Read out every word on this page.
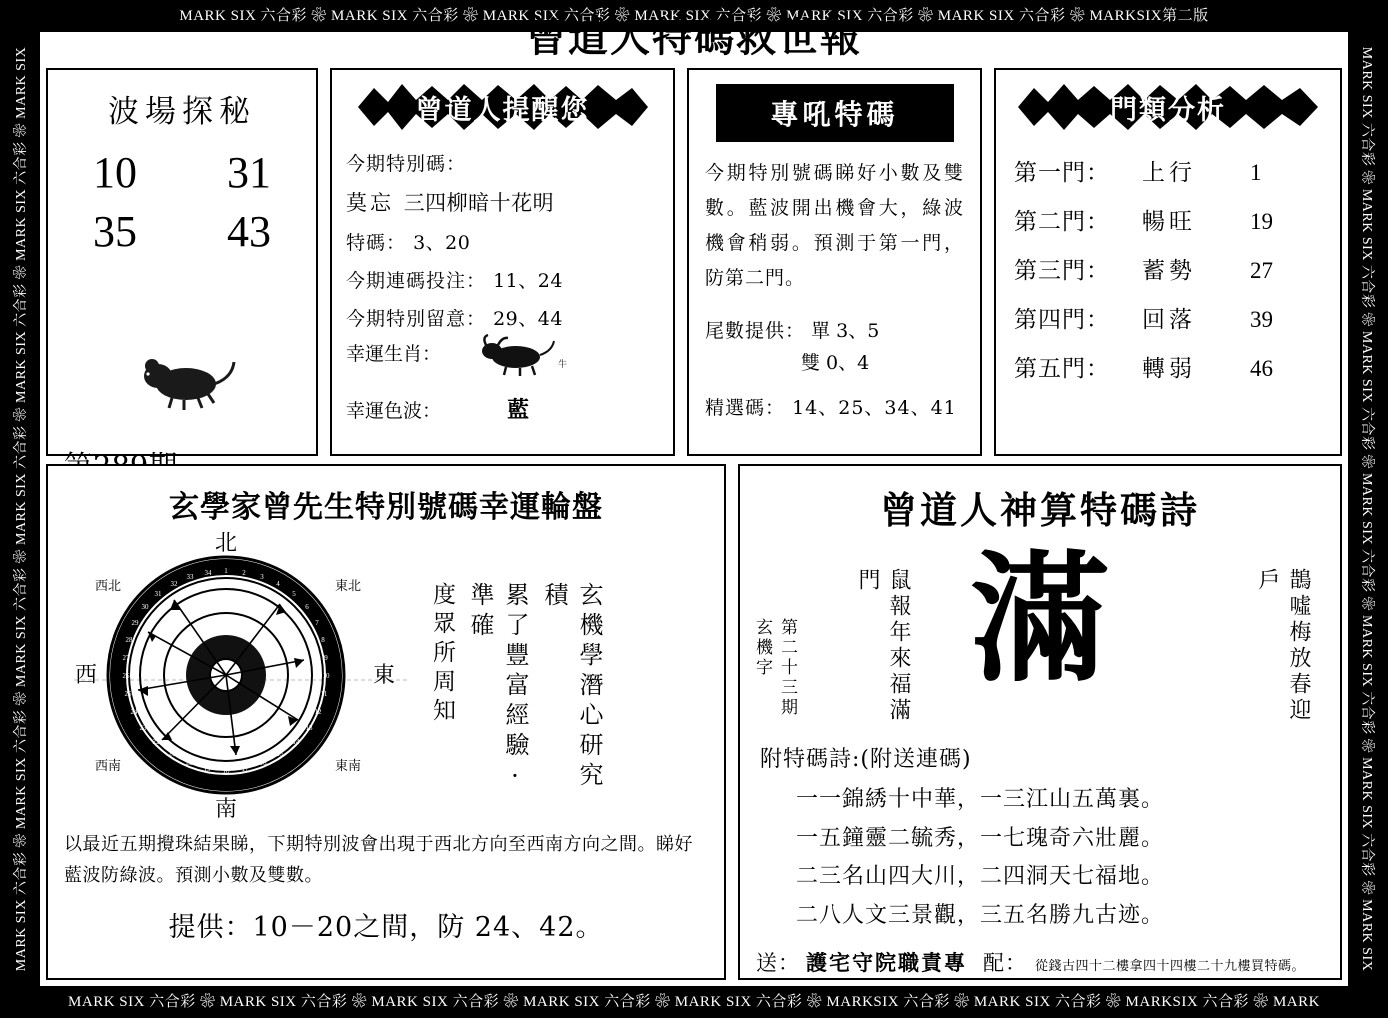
MARK SIX 六合彩 ❀ MARK SIX 六合彩 ❀ MARK SIX 六合彩 ❀ MARK SIX 六合彩 ❀ MARK SIX 六合彩 ❀ MARK SIX 六合彩 ❀ MARKSIX第二版
MARK SIX 六合彩 ❀ MARK SIX 六合彩 ❀ MARK SIX 六合彩 ❀ MARK SIX 六合彩 ❀ MARK SIX 六合彩 ❀ MARKSIX 六合彩 ❀ MARK SIX 六合彩 ❀ MARKSIX 六合彩 ❀ MARK
MARK SIX 六合彩 ❀ MARK SIX 六合彩 ❀ MARK SIX 六合彩 ❀ MARK SIX 六合彩 ❀ MARK SIX 六合彩 ❀ MARK SIX 六合彩 ❀ MARK SIX	MARK SIX 六合彩 ❀ MARK SIX 六合彩 ❀ MARK SIX 六合彩 ❀ MARK SIX 六合彩 ❀ MARK SIX 六合彩 ❀ MARK SIX 六合彩 ❀ MARK SIX
曾道人特碼救世報
波場探秘
10 31
35 43
曾道人提醒您
今期特別碼：
莫忘 三四柳暗十花明
特碼： 3、20
今期連碼投注： 11、24
今期特別留意： 29、44
幸運生肖：	牛
幸運色波：	藍
專吼特碼
今期特別號碼睇好小數及雙數。藍波開出機會大，綠波機會稍弱。預測于第一門，防第二門。
尾數提供： 單 3、5
雙 0、4
精選碼： 14、25、34、41
門類分析
第一門：	上行	1
第二門：	暢旺	19
第三門：	蓄勢	27
第四門：	回落	39
第五門：	轉弱	46
玄學家曾先生特別號碼幸運輪盤
1 2 3
4
5
6
7
8
9
10
11
12
13
14
15
16
17
18
19
20
21
22
23
24
25
26
27
28
29
30
31
32
33 34
北
南
東
西
東北
西北
東南
西南
度眾所周知	累了豐富經驗·準確	玄機學潛心研究積
以最近五期攪珠結果睇，下期特別波會出現于西北方向至西南方向之間。睇好藍波防綠波。預測小數及雙數。
提供：10－20之間，防 24、42。
曾道人神算特碼詩
第二十三期玄機字	鼠報年來福滿門 滿	鵲噓梅放春迎戶
附特碼詩:(附送連碼)
一一錦綉十中華，一三江山五萬裏。
一五鐘靈二毓秀，一七瑰奇六壯麗。
二三名山四大川，二四洞天七福地。
二八人文三景觀，三五名勝九古迹。
送： 護宅守院職責專 配： 從錢古四十二樓拿四十四樓二十九樓買特碼。
